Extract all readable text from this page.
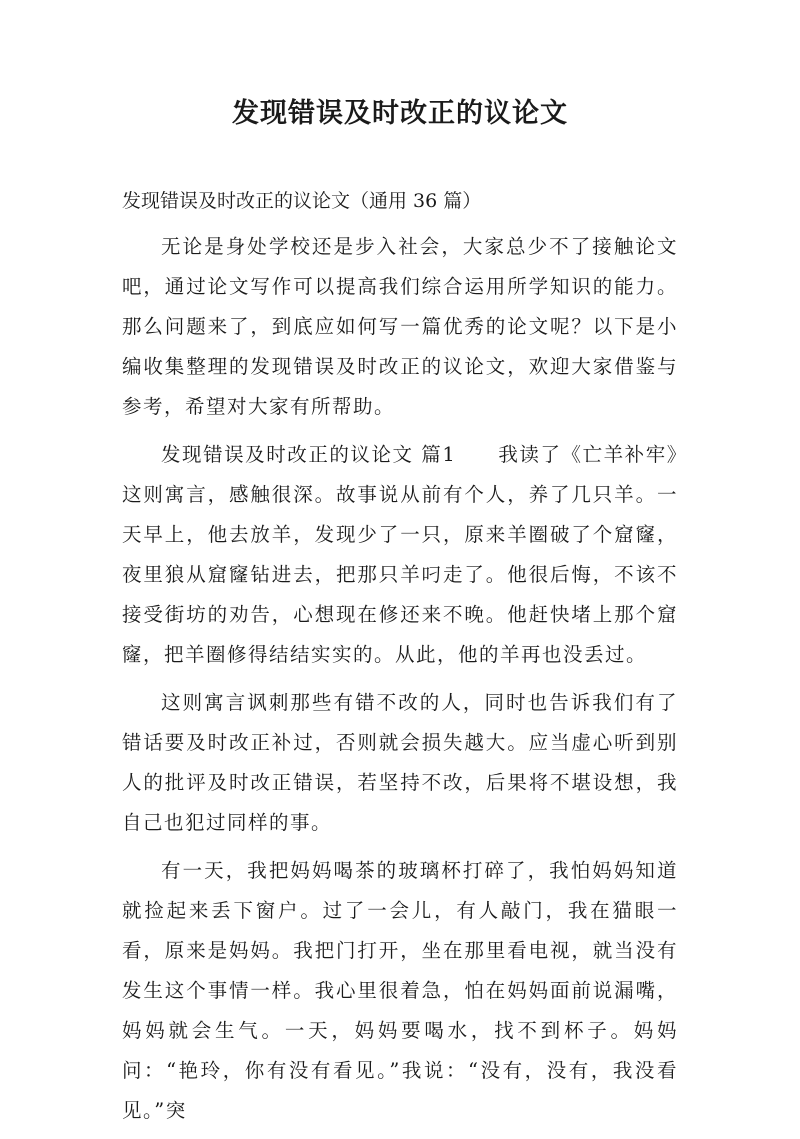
发现错误及时改正的议论文

发现错误及时改正的议论文（通用 36 篇）

无论是身处学校还是步入社会，大家总少不了接触论文吧，通过论文写作可以提高我们综合运用所学知识的能力。那么问题来了，到底应如何写一篇优秀的论文呢？以下是小编收集整理的发现错误及时改正的议论文，欢迎大家借鉴与参考，希望对大家有所帮助。

发现错误及时改正的议论文 篇1　　我读了《亡羊补牢》这则寓言，感触很深。故事说从前有个人，养了几只羊。一天早上，他去放羊，发现少了一只，原来羊圈破了个窟窿，夜里狼从窟窿钻进去，把那只羊叼走了。他很后悔，不该不接受街坊的劝告，心想现在修还来不晚。他赶快堵上那个窟窿，把羊圈修得结结实实的。从此，他的羊再也没丢过。

这则寓言讽刺那些有错不改的人，同时也告诉我们有了错话要及时改正补过，否则就会损失越大。应当虚心听到别人的批评及时改正错误，若坚持不改，后果将不堪设想，我自己也犯过同样的事。

有一天，我把妈妈喝茶的玻璃杯打碎了，我怕妈妈知道就捡起来丢下窗户。过了一会儿，有人敲门，我在猫眼一看，原来是妈妈。我把门打开，坐在那里看电视，就当没有发生这个事情一样。我心里很着急，怕在妈妈面前说漏嘴，妈妈就会生气。一天，妈妈要喝水，找不到杯子。妈妈问：“艳玲，你有没有看见。”我说：“没有，没有，我没看见。”突
